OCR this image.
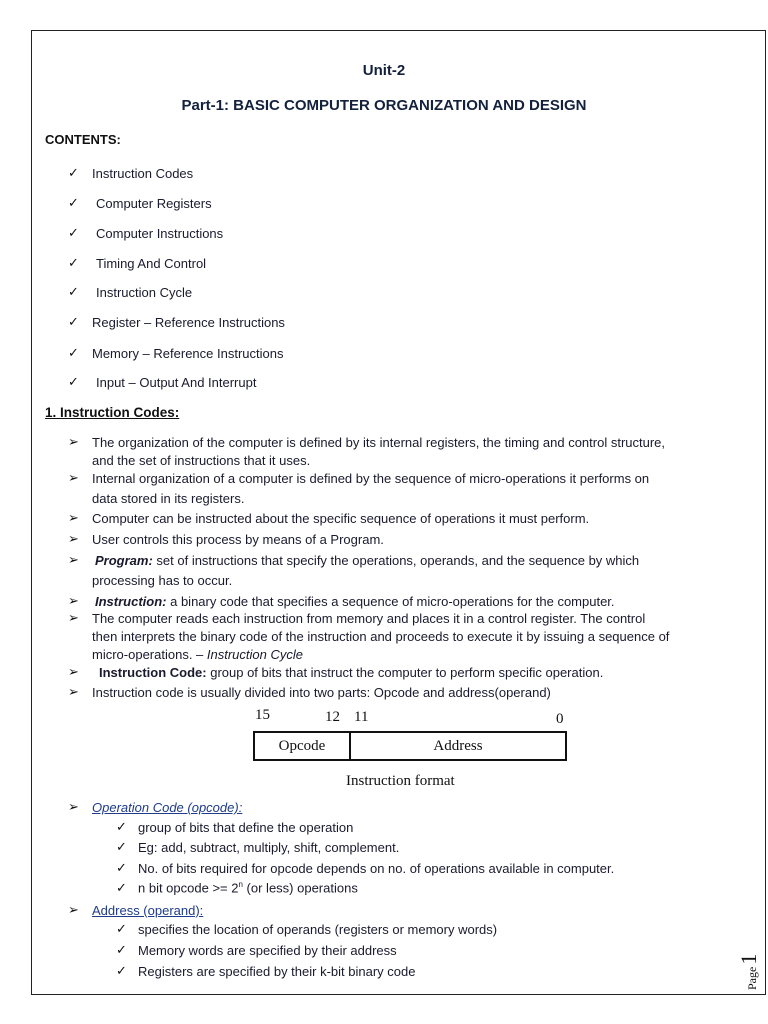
Unit-2
Part-1: BASIC COMPUTER ORGANIZATION AND DESIGN
CONTENTS:
✓ Instruction Codes
✓ Computer Registers
✓ Computer Instructions
✓ Timing And Control
✓ Instruction Cycle
✓ Register – Reference Instructions
✓ Memory – Reference Instructions
✓ Input – Output And Interrupt
1. Instruction Codes:
➢ The organization of the computer is defined by its internal registers, the timing and control structure,
and the set of instructions that it uses.
➢ Internal organization of a computer is defined by the sequence of micro-operations it performs on
data stored in its registers.
➢ Computer can be instructed about the specific sequence of operations it must perform.
➢ User controls this process by means of a Program.
➢ Program: set of instructions that specify the operations, operands, and the sequence by which
processing has to occur.
➢ Instruction: a binary code that specifies a sequence of micro-operations for the computer.
➢ The computer reads each instruction from memory and places it in a control register. The control
then interprets the binary code of the instruction and proceeds to execute it by issuing a sequence of
micro-operations. – Instruction Cycle
➢ Instruction Code: group of bits that instruct the computer to perform specific operation.
➢ Instruction code is usually divided into two parts: Opcode and address(operand)
15	12 11	0
Opcode	Address
Instruction format
➢ Operation Code (opcode):
✓ group of bits that define the operation
✓ Eg: add, subtract, multiply, shift, complement.
✓ No. of bits required for opcode depends on no. of operations available in computer.
✓ n bit opcode >= $2^n$ (or less) operations
➢ Address (operand):
✓ specifies the location of operands (registers or memory words)
✓ Memory words are specified by their address
✓ Registers are specified by their k-bit binary code	Page
1
